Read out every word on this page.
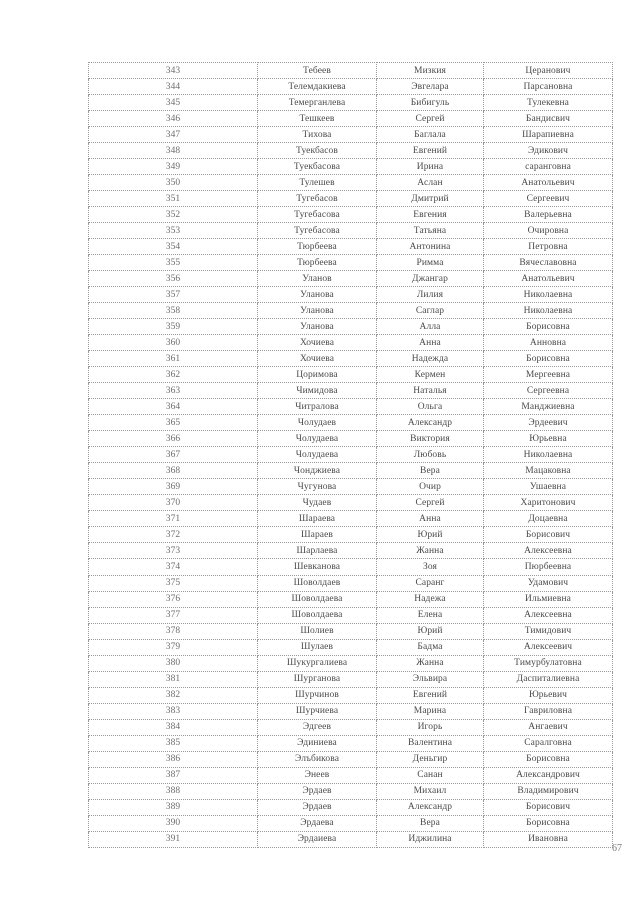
343	Тебеев	Мизкия	Церанович
344	Телемдакиева	Эвгелара	Парсановна
345	Темерганлева	Бибигуль	Тулекевна
346	Тешкеев	Сергей	Бандисвич
347	Тихова	Баглала	Шарапиевна
348	Туекбасов	Евгений	Эдикович
349	Туекбасова	Ирина	саранговна
350	Тулешев	Аслан	Анатольевич
351	Тугебасов	Дмитрий	Сергеевич
352	Тугебасова	Евгения	Валерьевна
353	Тугебасова	Татьяна	Очировна
354	Тюрбеева	Антонина	Петровна
355	Тюрбеева	Римма	Вячеславовна
356	Уланов	Джангар	Анатольевич
357	Уланова	Лилия	Николаевна
358	Уланова	Саглар	Николаевна
359	Уланова	Алла	Борисовна
360	Хочиева	Анна	Анновна
361	Хочиева	Надежда	Борисовна
362	Цоримова	Кермен	Мергеевна
363	Чимидова	Наталья	Сергеевна
364	Читралова	Ольга	Манджиевна
365	Чолудаев	Александр	Эрдеевич
366	Чолудаева	Виктория	Юрьевна
367	Чолудаева	Любовь	Николаевна
368	Чонджиева	Вера	Мацаковна
369	Чугунова	Очир	Ушаевна
370	Чудаев	Сергей	Харитонович
371	Шараева	Анна	Доцаевна
372	Шараев	Юрий	Борисович
373	Шарлаева	Жанна	Алексеевна
374	Шевканова	Зоя	Пюрбеевна
375	Шоволдаев	Саранг	Удамович
376	Шоволдаева	Надежа	Ильмиевна
377	Шоволдаева	Елена	Алексеевна
378	Шолиев	Юрий	Тимидович
379	Шулаев	Бадма	Алексеевич
380	Шукургалиева	Жанна	Тимурбулатовна
381	Шурганова	Эльвира	Даспиталиевна
382	Шурчинов	Евгений	Юрьевич
383	Шурчиева	Марина	Гавриловна
384	Эдгеев	Игорь	Ангаевич
385	Эдиниева	Валентина	Саралговна
386	Элъбикова	Деньгир	Бориcовна
387	Энеев	Санан	Александрович
388	Эрдаев	Михаил	Владимирович
389	Эрдаев	Александр	Борисович
390	Эрдаева	Вера	Борисовна
391	Эрдаиева	Иджилина	Ивановна
67
